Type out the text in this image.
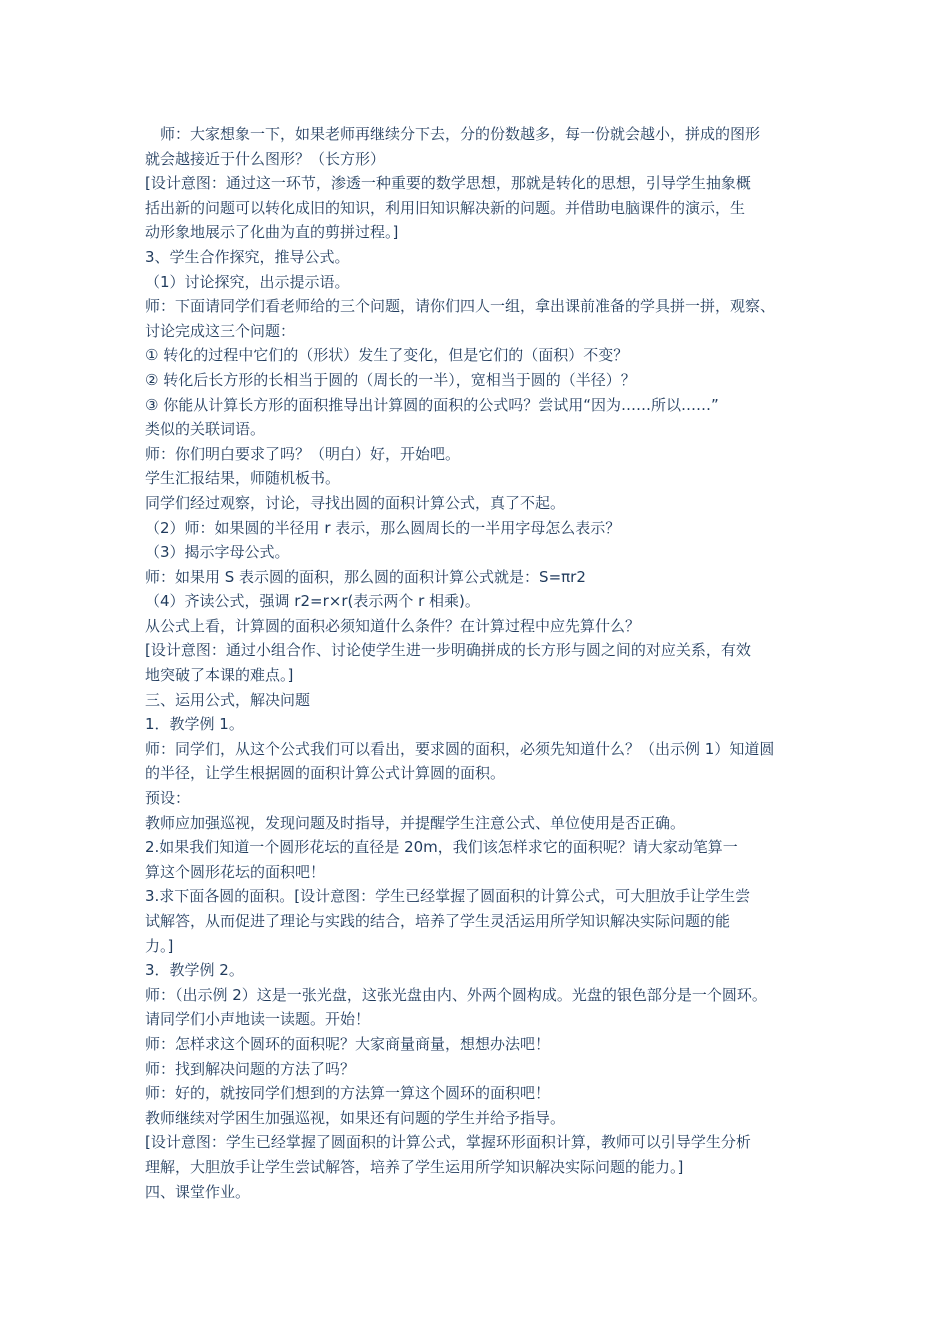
师：大家想象一下，如果老师再继续分下去，分的份数越多，每一份就会越小，拼成的图形
就会越接近于什么图形？（长方形）
[设计意图：通过这一环节，渗透一种重要的数学思想，那就是转化的思想，引导学生抽象概
括出新的问题可以转化成旧的知识，利用旧知识解决新的问题。并借助电脑课件的演示，生
动形象地展示了化曲为直的剪拼过程。]
3、学生合作探究，推导公式。
（1）讨论探究，出示提示语。
师：下面请同学们看老师给的三个问题，请你们四人一组，拿出课前准备的学具拼一拼，观察、
讨论完成这三个问题：
① 转化的过程中它们的（形状）发生了变化，但是它们的（面积）不变？
② 转化后长方形的长相当于圆的（周长的一半），宽相当于圆的（半径）？
③ 你能从计算长方形的面积推导出计算圆的面积的公式吗？尝试用“因为……所以……”
类似的关联词语。
师：你们明白要求了吗？（明白）好，开始吧。
学生汇报结果，师随机板书。
同学们经过观察，讨论，寻找出圆的面积计算公式，真了不起。
（2）师：如果圆的半径用 r 表示，那么圆周长的一半用字母怎么表示？
（3）揭示字母公式。
师：如果用 S 表示圆的面积，那么圆的面积计算公式就是：S=πr2
（4）齐读公式，强调 r2=r×r(表示两个 r 相乘)。
从公式上看，计算圆的面积必须知道什么条件？在计算过程中应先算什么？
[设计意图：通过小组合作、讨论使学生进一步明确拼成的长方形与圆之间的对应关系，有效
地突破了本课的难点。]
三、运用公式，解决问题
1．教学例 1。
师：同学们，从这个公式我们可以看出，要求圆的面积，必须先知道什么？（出示例 1）知道圆
的半径，让学生根据圆的面积计算公式计算圆的面积。
预设：
教师应加强巡视，发现问题及时指导，并提醒学生注意公式、单位使用是否正确。
2.如果我们知道一个圆形花坛的直径是 20m，我们该怎样求它的面积呢？请大家动笔算一
算这个圆形花坛的面积吧！
3.求下面各圆的面积。[设计意图：学生已经掌握了圆面积的计算公式，可大胆放手让学生尝
试解答，从而促进了理论与实践的结合，培养了学生灵活运用所学知识解决实际问题的能
力。]
3．教学例 2。
师：（出示例 2）这是一张光盘，这张光盘由内、外两个圆构成。光盘的银色部分是一个圆环。
请同学们小声地读一读题。开始！
师：怎样求这个圆环的面积呢？大家商量商量，想想办法吧！
师：找到解决问题的方法了吗？
师：好的，就按同学们想到的方法算一算这个圆环的面积吧！
教师继续对学困生加强巡视，如果还有问题的学生并给予指导。
[设计意图：学生已经掌握了圆面积的计算公式，掌握环形面积计算，教师可以引导学生分析
理解，大胆放手让学生尝试解答，培养了学生运用所学知识解决实际问题的能力。]
四、课堂作业。
